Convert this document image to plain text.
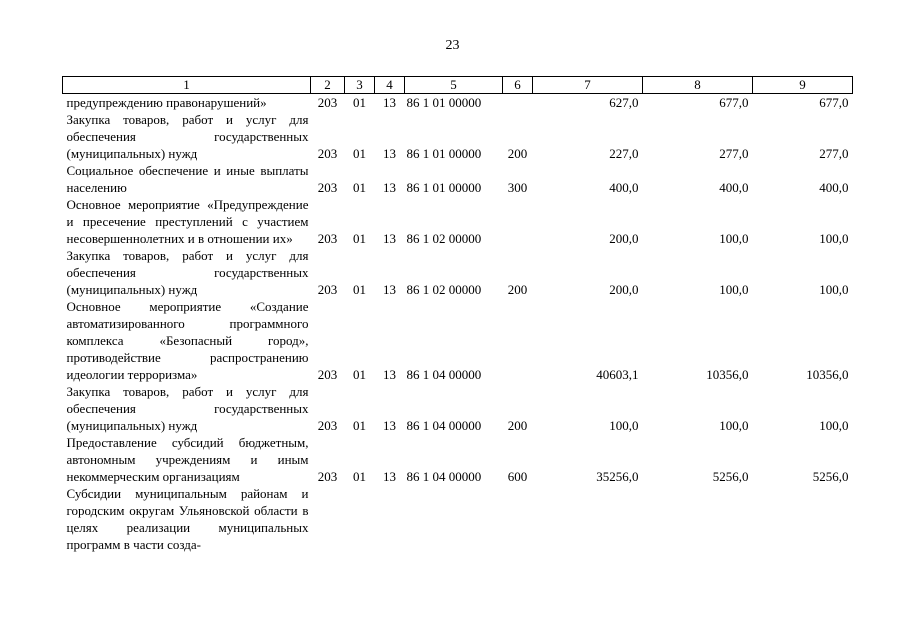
23
1	2	3	4	5	6	7	8	9
предупреждению правонарушений»	203	01	13	86 1 01 00000		627,0	677,0	677,0
Закупка товаров, работ и услуг для обеспечения государственных (муниципальных) нужд	203	01	13	86 1 01 00000	200	227,0	277,0	277,0
Социальное обеспечение и иные выплаты населению	203	01	13	86 1 01 00000	300	400,0	400,0	400,0
Основное мероприятие «Предупреждение и пресечение преступлений с участием несовершеннолетних и в отношении их»	203	01	13	86 1 02 00000		200,0	100,0	100,0
Закупка товаров, работ и услуг для обеспечения государственных (муниципальных) нужд	203	01	13	86 1 02 00000	200	200,0	100,0	100,0
Основное мероприятие «Создание автоматизированного программного комплекса «Безопасный город», противодействие распространению идеологии терроризма»	203	01	13	86 1 04 00000		40603,1	10356,0	10356,0
Закупка товаров, работ и услуг для обеспечения государственных (муниципальных) нужд	203	01	13	86 1 04 00000	200	100,0	100,0	100,0
Предоставление субсидий бюджетным, автономным учреждениям и иным некоммерческим организациям	203	01	13	86 1 04 00000	600	35256,0	5256,0	5256,0
Субсидии муниципальным районам и городским округам Ульяновской области в целях реализации муниципальных программ в части созда-								
